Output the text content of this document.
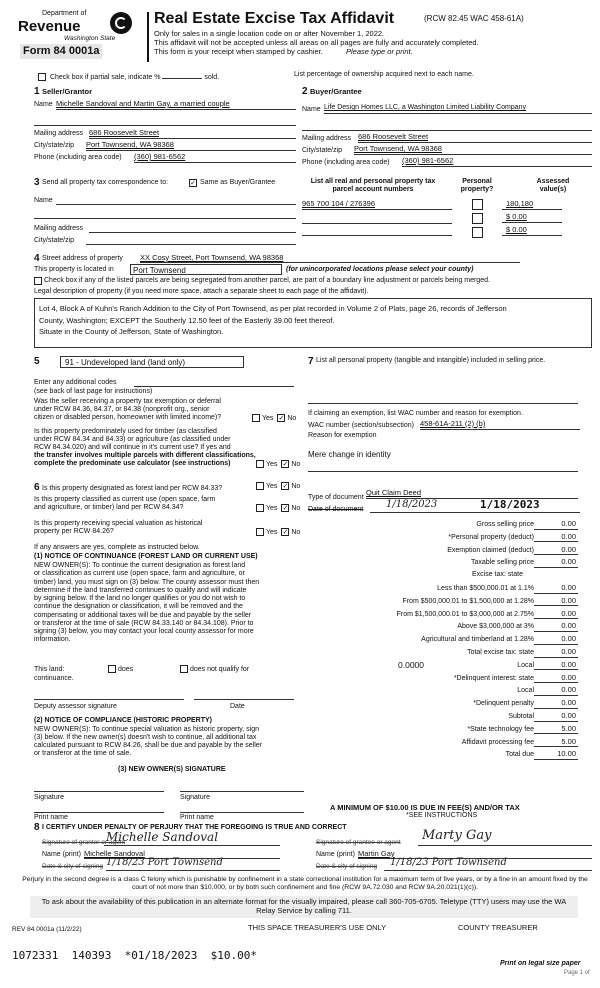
Department of
Revenue
Washington State
Form 84 0001a
Real Estate Excise Tax Affidavit	(RCW 82.45 WAC 458-61A)
Only for sales in a single location code on or after November 1, 2022.
This affidavit will not be accepted unless all areas on all pages are fully and accurately completed.
This form is your receipt when stamped by cashier.	Please type or print.
Check box if partial sale, indicate %	sold.	List percentage of ownership acquired next to each name.
1 Seller/Grantor
Name Michelle Sandoval and Martin Gay, a married couple
Mailing address 686 Roosevelt Street
City/state/zip Port Townsend, WA 98368
Phone (including area code) (360) 981-6562
2 Buyer/Grantee
Name Life Design Homes LLC, a Washington Limited Liability Company
Mailing address 686 Roosevelt Street
City/state/zip Port Townsend, WA 98368
Phone (including area code) (360) 981-6562
3 Send all property tax correspondence to:	✓ Same as Buyer/Grantee
Name
Mailing address
City/state/zip
List all real and personal property tax parcel account numbers
Personal property?
Assessed value(s)
965 700 104 / 276396	180,180
$ 0.00
$ 0.00
4 Street address of property XX Cosy Street, Port Townsend, WA 98368
This property is located in	Port Townsend	(for unincorporated locations please select your county)
Check box if any of the listed parcels are being segregated from another parcel, are part of a boundary line adjustment or parcels being merged.
Legal description of property (if you need more space, attach a separate sheet to each page of the affidavit).
Lot 4, Block A of Kuhn's Ranch Addition to the City of Port Townsend, as per plat recorded in Volume 2 of Plats, page 26, records of Jefferson
County, Washington; EXCEPT the Southerly 12.50 feet of the Easterly 39.00 feet thereof.
Situate in the County of Jefferson, State of Washington.
5	91 - Undeveloped land (land only)
Enter any additional codes
(see back of last page for instructions)
Was the seller receiving a property tax exemption or deferral
under RCW 84.36, 84.37, or 84.38 (nonprofit org., senior
citizen or disabled person, homeowner with limited income)?	Yes ✓ No
Is this property predominately used for timber (as classified
under RCW 84.34 and 84.33) or agriculture (as classified under
RCW 84.34.020) and will continue in it's current use? If yes and
the transfer involves multiple parcels with different classifications,
complete the predominate use calculator (see instructions)	Yes ✓ No
6 Is this property designated as forest land per RCW 84.33?	Yes ✓ No
Is this property classified as current use (open space, farm
and agriculture, or timber) land per RCW 84.34?	Yes ✓ No
Is this property receiving special valuation as historical
property per RCW 84.26?	Yes ✓ No
If any answers are yes, complete as instructed below.
(1) NOTICE OF CONTINUANCE (FOREST LAND OR CURRENT USE)
NEW OWNER(S): To continue the current designation as forest land
or classification as current use (open space, farm and agriculture, or
timber) land, you must sign on (3) below. The county assessor must then
determine if the land transferred continues to qualify and will indicate
by signing below. If the land no longer qualifies or you do not wish to
continue the designation or classification, it will be removed and the
compensating or additional taxes will be due and payable by the seller
or transferor at the time of sale (RCW 84.33.140 or 84.34.108). Prior to
signing (3) below, you may contact your local county assessor for more
information.
This land:	does	does not qualify for
continuance.
Deputy assessor signature	Date
(2) NOTICE OF COMPLIANCE (HISTORIC PROPERTY)
NEW OWNER(S): To continue special valuation as historic property, sign
(3) below. If the new owner(s) doesn't wish to continue, all additional tax
calculated pursuant to RCW 84.26, shall be due and payable by the seller
or transferor at the time of sale.
(3) NEW OWNER(S) SIGNATURE
Signature	Signature
Print name	Print name
7 List all personal property (tangible and intangible) included in selling price.
If claiming an exemption, list WAC number and reason for exemption.
WAC number (section/subsection) 458-61A-211 (2) (b)
Reason for exemption
Mere change in identity
Type of document
Quit Claim Deed
Date of document 1/18/2023	1/18/2023
Gross selling price	0.00
*Personal property (deduct)	0.00
Exemption claimed (deduct)	0.00
Taxable selling price	0.00
Excise tax: state
Less than $500,000.01 at 1.1%	0.00
From $500,000.01 to $1,500,000 at 1.28%	0.00
From $1,500,000.01 to $3,000,000 at 2.75%	0.00
Above $3,000,000 at 3%	0.00
Agricultural and timberland at 1.28%	0.00
Total excise tax: state	0.00
Local
0.0000	0.00
*Delinquent interest: state	0.00
Local	0.00
*Delinquent penalty	0.00
Subtotal	0.00
*State technology fee	5.00
Affidavit processing fee	5.00
Total due	10.00
A MINIMUM OF $10.00 IS DUE IN FEE(S) AND/OR TAX
*SEE INSTRUCTIONS
8 I CERTIFY UNDER PENALTY OF PERJURY THAT THE FOREGOING IS TRUE AND CORRECT
Signature of grantor or agent
Michelle Sandoval
Name (print) Michelle Sandoval
Date & city of signing 1/18/23 Port Townsend
Signature of grantee or agent Marty Gay
Name (print) Martin Gay
Date & city of signing 1/18/23 Port Townsend
Perjury in the second degree is a class C felony which is punishable by confinement in a state correctional institution for a maximum term of five years, or by a fine in an amount fixed by the court of not more than $10,000, or by both such confinement and fine (RCW 9A.72.030 and RCW 9A.20.021(1)(c)).
To ask about the availability of this publication in an alternate format for the visually impaired, please call 360-705-6705. Teletype (TTY) users may use the WA Relay Service by calling 711.
REV 84 0001a (11/2/22)	THIS SPACE TREASURER'S USE ONLY	COUNTY TREASURER
1072331  140393  *01/18/2023  $10.00*
Print on legal size paper
Page 1 of
